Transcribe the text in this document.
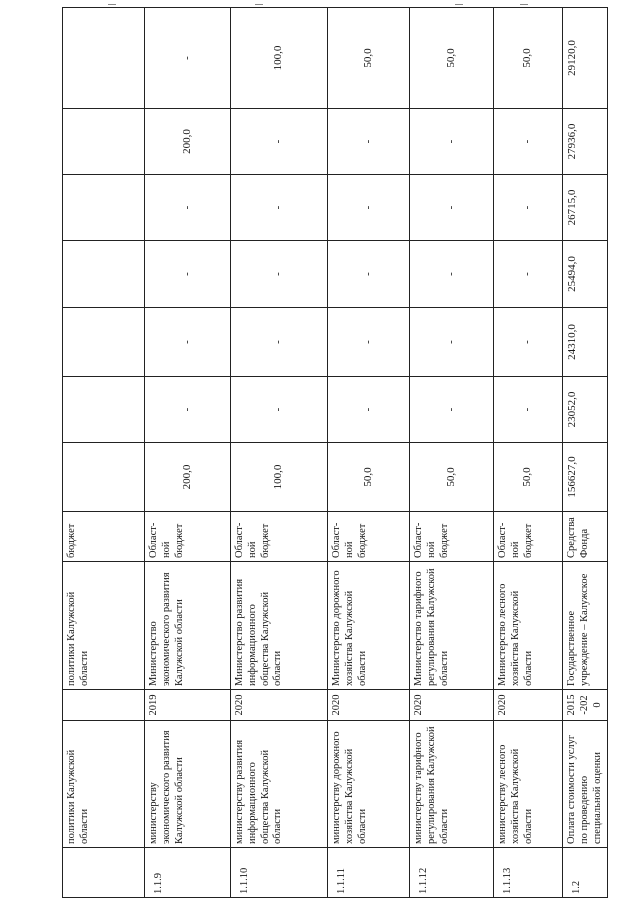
	политики Калужской области		политики Калужской области	бюджет							
1.1.9	министерству экономического развития Калужской области	2019	Министерство экономического развития Калужской области	Област-ной бюджет	200,0	-	-	-	-	200,0	-
1.1.10	министерству развития информационного общества Калужской области	2020	Министерство развития информационного общества Калужской области	Област-ной бюджет	100,0	-	-	-	-	-	100,0
1.1.11	министерству дорожного хозяйства Калужской области	2020	Министерство дорожного хозяйства Калужской области	Област-ной бюджет	50,0	-	-	-	-	-	50,0
1.1.12	министерству тарифного регулирования Калужской области	2020	Министерство тарифного регулирования Калужской области	Област-ной бюджет	50,0	-	-	-	-	-	50,0
1.1.13	министерству лесного хозяйства Калужской области	2020	Министерство лесного хозяйства Калужской области	Област-ной бюджет	50,0	-	-	-	-	-	50,0
1.2	Оплата стоимости услуг по проведению специальной оценки	2015-2020	Государственное учреждение – Калужское	Средства Фонда	156627,0	23052,0	24310,0	25494,0	26715,0	27936,0	29120,0
